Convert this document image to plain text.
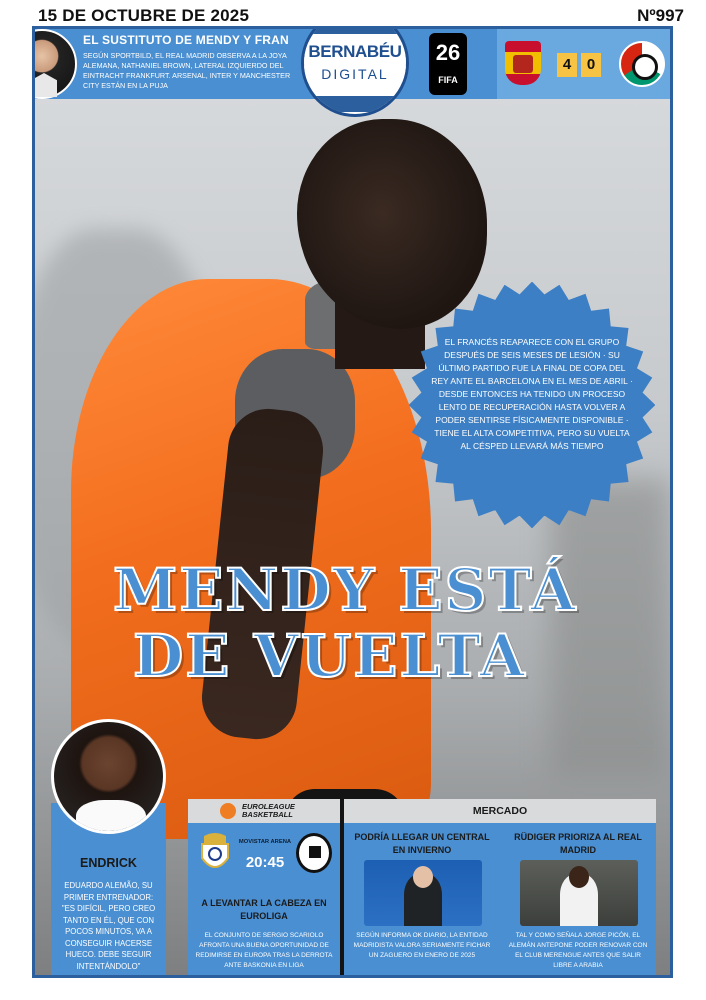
15 DE OCTUBRE DE 2025	Nº997
EL SUSTITUTO DE MENDY Y FRAN
SEGÚN SPORTBILD, EL REAL MADRID OBSERVA A LA JOYA ALEMANA, NATHANIEL BROWN, LATERAL IZQUIERDO DEL EINTRACHT FRANKFURT. ARSENAL, INTER Y MANCHESTER CITY ESTÁN EN LA PUJA
BERNABÉU
DIGITAL
26
FIFA
4	0
EL FRANCÉS REAPARECE CON EL GRUPO DESPUÉS DE SEIS MESES DE LESIÓN · SU ÚLTIMO PARTIDO FUE LA FINAL DE COPA DEL REY ANTE EL BARCELONA EN EL MES DE ABRIL · DESDE ENTONCES HA TENIDO UN PROCESO LENTO DE RECUPERACIÓN HASTA VOLVER A PODER SENTIRSE FÍSICAMENTE DISPONIBLE · TIENE EL ALTA COMPETITIVA, PERO SU VUELTA AL CÉSPED LLEVARÁ MÁS TIEMPO
MENDY ESTÁ
DE VUELTA
ENDRICK
EDUARDO ALEMÃO, SU PRIMER ENTRENADOR: "ES DIFÍCIL, PERO CREO TANTO EN ÉL, QUE CON POCOS MINUTOS, VA A CONSEGUIR HACERSE HUECO. DEBE SEGUIR INTENTÁNDOLO"
EUROLEAGUE
BASKETBALL
MOVISTAR ARENA
20:45
A LEVANTAR LA CABEZA EN EUROLIGA
EL CONJUNTO DE SERGIO SCARIOLO AFRONTA UNA BUENA OPORTUNIDAD DE REDIMIRSE EN EUROPA TRAS LA DERROTA ANTE BASKONIA EN LIGA
MERCADO
PODRÍA LLEGAR UN CENTRAL EN INVIERNO
SEGÚN INFORMA OK DIARIO, LA ENTIDAD MADRIDISTA VALORA SERIAMENTE FICHAR UN ZAGUERO EN ENERO DE 2025
RÜDIGER PRIORIZA AL REAL MADRID
TAL Y COMO SEÑALA JORGE PICÓN, EL ALEMÁN ANTEPONE PODER RENOVAR CON EL CLUB MERENGUE ANTES QUE SALIR LIBRE A ARABIA
